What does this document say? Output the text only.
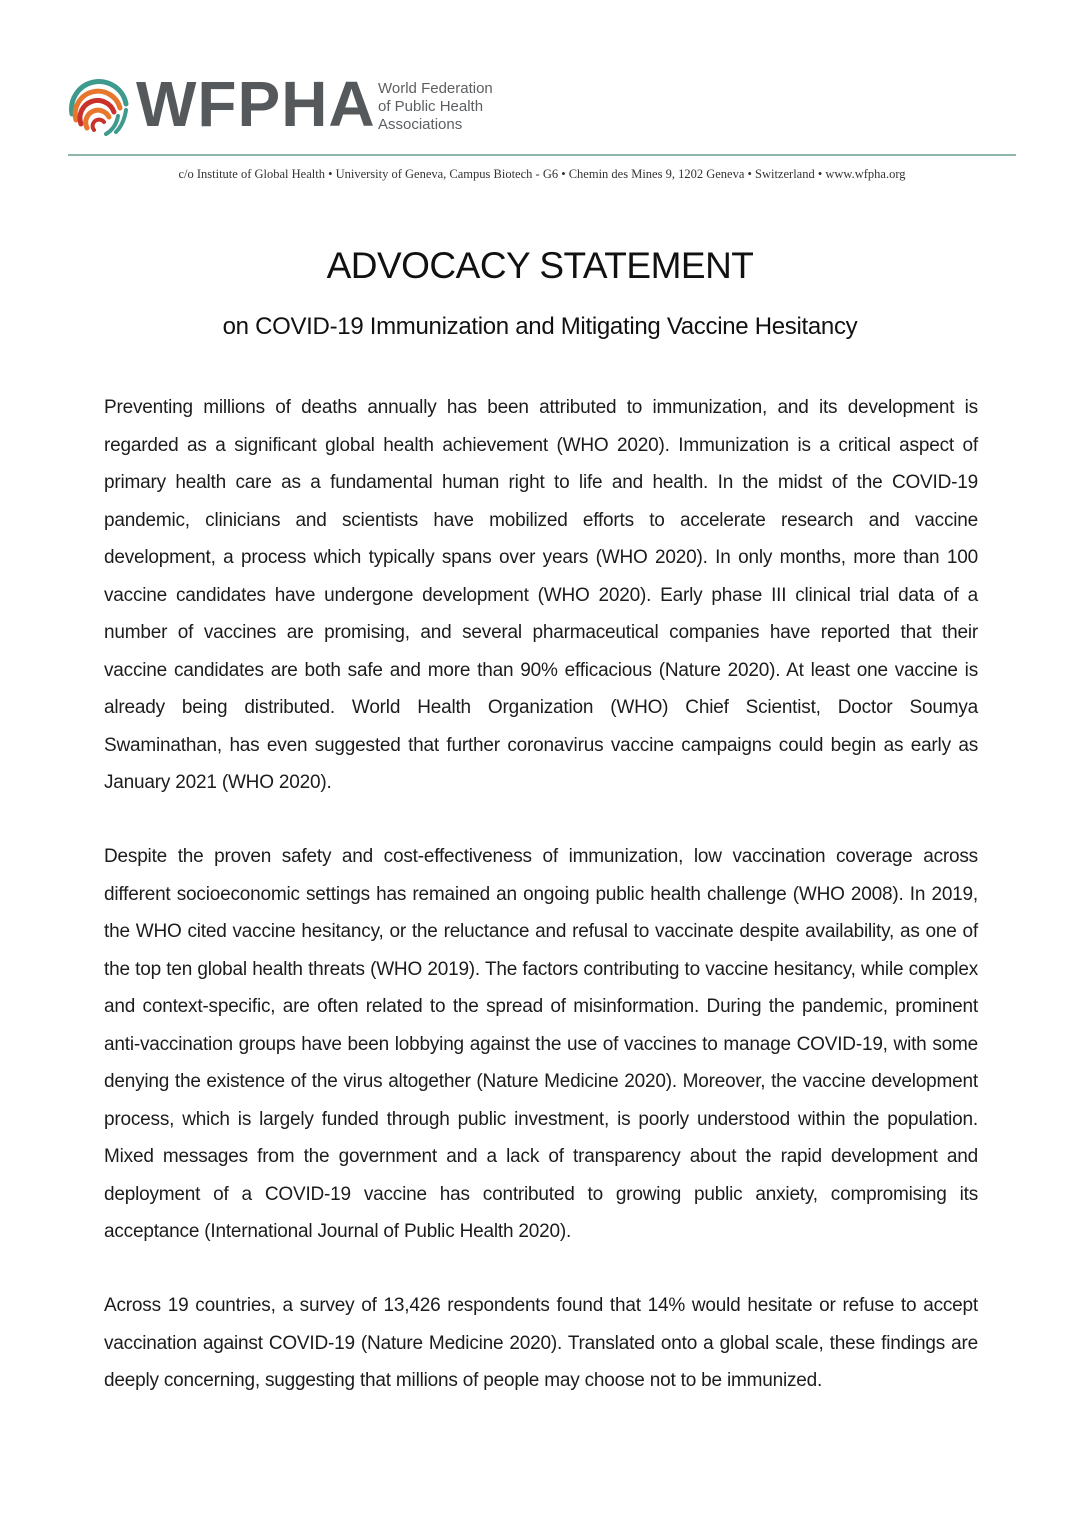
WFPHA World Federation
of Public Health
Associations
c/o Institute of Global Health • University of Geneva, Campus Biotech - G6 • Chemin des Mines 9, 1202 Geneva • Switzerland • www.wfpha.org
ADVOCACY STATEMENT
on COVID-19 Immunization and Mitigating Vaccine Hesitancy
Preventing millions of deaths annually has been attributed to immunization, and its development is regarded as a significant global health achievement (WHO 2020). Immunization is a critical aspect of primary health care as a fundamental human right to life and health. In the midst of the COVID-19 pandemic, clinicians and scientists have mobilized efforts to accelerate research and vaccine development, a process which typically spans over years (WHO 2020). In only months, more than 100 vaccine candidates have undergone development (WHO 2020). Early phase III clinical trial data of a number of vaccines are promising, and several pharmaceutical companies have reported that their vaccine candidates are both safe and more than 90% efficacious (Nature 2020). At least one vaccine is already being distributed. World Health Organization (WHO) Chief Scientist, Doctor Soumya Swaminathan, has even suggested that further coronavirus vaccine campaigns could begin as early as January 2021 (WHO 2020).
Despite the proven safety and cost-effectiveness of immunization, low vaccination coverage across different socioeconomic settings has remained an ongoing public health challenge (WHO 2008). In 2019, the WHO cited vaccine hesitancy, or the reluctance and refusal to vaccinate despite availability, as one of the top ten global health threats (WHO 2019). The factors contributing to vaccine hesitancy, while complex and context-specific, are often related to the spread of misinformation. During the pandemic, prominent anti-vaccination groups have been lobbying against the use of vaccines to manage COVID-19, with some denying the existence of the virus altogether (Nature Medicine 2020). Moreover, the vaccine development process, which is largely funded through public investment, is poorly understood within the population. Mixed messages from the government and a lack of transparency about the rapid development and deployment of a COVID-19 vaccine has contributed to growing public anxiety, compromising its acceptance (International Journal of Public Health 2020).
Across 19 countries, a survey of 13,426 respondents found that 14% would hesitate or refuse to accept vaccination against COVID-19 (Nature Medicine 2020). Translated onto a global scale, these findings are deeply concerning, suggesting that millions of people may choose not to be immunized.
